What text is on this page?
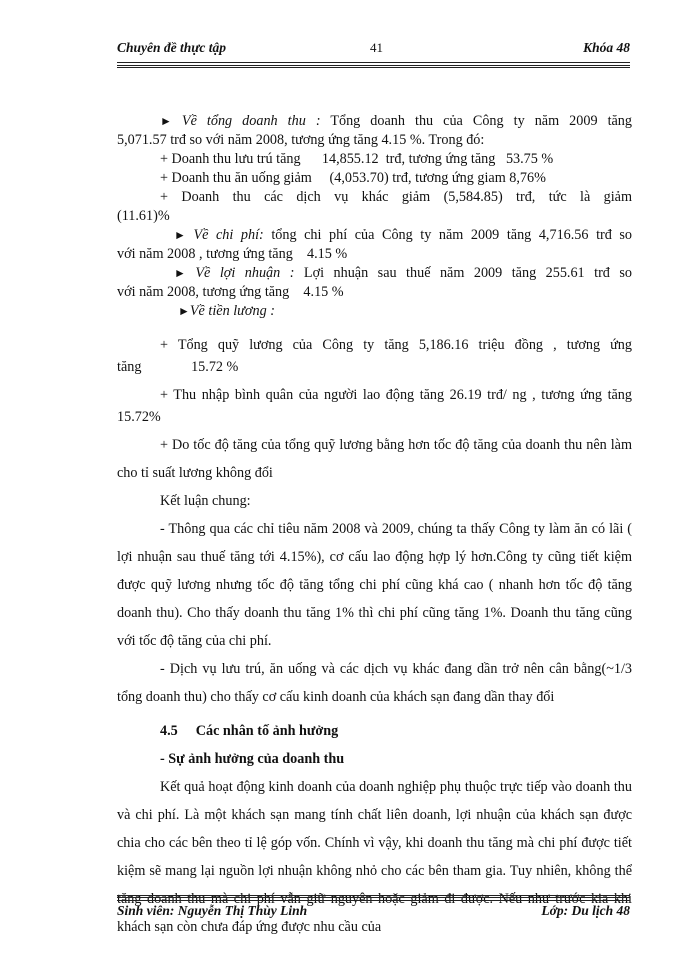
Chuyên đề thực tập	41	Khóa 48

► Về tổng doanh thu : Tổng doanh thu của Công ty năm 2009 tăng

5,071.57 trđ so với năm 2008, tương ứng tăng 4.15 %. Trong đó:

+ Doanh thu lưu trú tăng      14,855.12  trđ, tương ứng tăng   53.75 %

+ Doanh thu ăn uống giảm     (4,053.70) trđ, tương ứng giam 8,76%

+ Doanh thu các dịch vụ khác giảm (5,584.85) trđ, tức là giảm

(11.61)%

► Về chi phí: tổng chi phí của Công ty năm 2009 tăng 4,716.56 trđ so

với năm 2008 , tương ứng tăng    4.15 %

► Về lợi nhuận : Lợi nhuận sau thuế năm 2009 tăng 255.61 trđ so

với năm 2008, tương ứng tăng    4.15 %

►Về tiền lương :

+ Tổng quỹ lương của Công ty tăng 5,186.16 triệu đồng , tương ứng

tăng              15.72 %

+ Thu nhập bình quân của người lao động tăng 26.19 trđ/ ng , tương ứng tăng

15.72%

+ Do tốc độ tăng của tổng quỹ lương bằng hơn tốc độ tăng của doanh thu nên làm cho tỉ suất lương không đổi

Kết luận chung:

- Thông qua các chỉ tiêu năm 2008 và 2009, chúng ta thấy Công ty làm ăn có lãi ( lợi nhuận sau thuế tăng tới 4.15%), cơ cấu lao động hợp lý hơn.Công ty cũng tiết kiệm được quỹ lương nhưng tốc độ tăng tổng chi phí cũng khá cao ( nhanh hơn tốc độ tăng doanh thu). Cho thấy doanh thu tăng 1% thì chi phí cũng tăng 1%. Doanh thu tăng cũng với tốc độ tăng của chi phí.

- Dịch vụ lưu trú, ăn uống và các dịch vụ khác đang dần trở nên cân bằng(~1/3 tổng doanh thu) cho thấy cơ cấu kinh doanh của khách sạn đang dần thay đổi

4.5 Các nhân tố ảnh hưởng

- Sự ảnh hưởng của doanh thu

Kết quả hoạt động kinh doanh của doanh nghiệp phụ thuộc trực tiếp vào doanh thu và chi phí. Là một khách sạn mang tính chất liên doanh, lợi nhuận của khách sạn được chia cho các bên theo tỉ lệ góp vốn. Chính vì vậy, khi doanh thu tăng mà chi phí được tiết kiệm sẽ mang lại nguồn lợi nhuận không nhỏ cho các bên tham gia. Tuy nhiên, không thể tăng doanh thu mà chi phí vẫn giữ nguyên hoặc giảm đi được. Nếu như trước kia khi khách sạn còn chưa đáp ứng được nhu cầu của

Sinh viên: Nguyễn Thị Thùy Linh	Lớp: Du lịch 48
